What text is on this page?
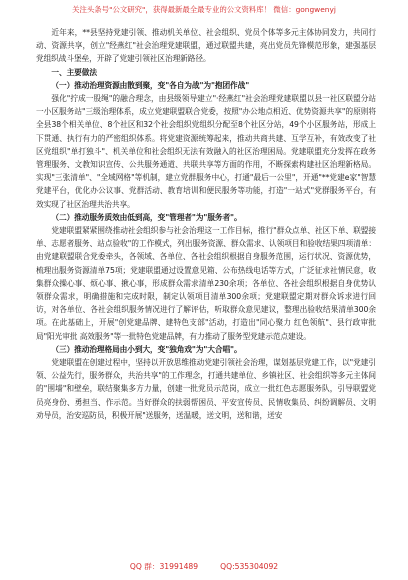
关注头条号"公文研究"，获得最新最全最专业的公文资料库！ 微信：gongwenyj

近年来，**县坚持党建引领、推动机关单位、社会组织、党员个体等多元主体协同发力，共同行动、资源共享，创立"经燕红"社会治理党建联盟，通过联盟共建，亮出党员先锋模范形象，建强基层党组织战斗堡垒，开辟了党建引领社区治理新路径。

一、主要做法

（一）推动治理资源由散到聚，变"各自为战"为"抱团作战"

强化"拧成一股绳"的融合理念，由县级领导建立"·经燕红"社会治理党建联盟以县一社区联盟分站一小区服务站"三级治理体系，成立党建联盟联合党委，按照"办公地点相近、优势资源共享"的原则将全县38个相关单位、8个社区和32个社会组织党组织分配至8个社区分站，49个小区服务站，形成上下贯通、执行有力的严密组织体系。将党建资源统筹起来，推动共商共建、互学互补，有效改变了社区党组织"单打独斗"、机关单位和社会组织无法有效融入的社区治理困局。党建联盟充分发挥在政务管理服务、文教知识宣传、公共服务通道、共联共享等方面的作用，不断探索构建社区治理新格局。实现"三张清单"、"全域网格"等机制，建立党群服务中心，打通"最后一公里"，开通"**党建e家"智慧党建平台，优化办公议事、党群活动、教育培训和便民服务等功能，打造"一站式"党群服务平台，有效实现了社区治理共治共享。

（二）推动服务质效由低到高，变"管理者"为"服务者"。

党建联盟紧紧围绕推动社会组织参与社会治理这一工作目标，推行"群众点单、社区下单、联盟接单、志愿者服务、站点验收"的工作模式，列出服务资源、群众需求、认领项目和验收结果四项清单：由党建联盟联合党委牵头，各领域、各单位、各社会组织根据自身服务范围，运行状况、资源优势，梳理出服务资源清单75项；党建联盟通过设置意见箱、公布热线电话等方式，广泛征求社情民意，收集群众操心事、烦心事、揪心事，形成群众需求清单230余项；各单位、各社会组织根据自身优势认领群众需求，明确措施和完成时限，制定认领项目清单300余项；党建联盟定期对群众诉求进行回访，对各单位、各社会组织服务情况进行了解评估，听取群众意见建议，整理出验收结果清单300余项。在此基础上，开展"创党建品牌、建特色支部"活动，打造出"同心聚力 红色领航"、县行政审批局"阳光审批 高效服务"等一批特色党建品牌，有力推动了服务型党建示范点建设。

（三）推动治理格局由小到大，变"独角戏"为"大合唱"。

党建联盟在创建过程中，坚持以开放思维推动党建引领社会治理，谋划基层党建工作，以"党建引领、公益先行，服务群众，共治共享"的工作理念，打通共建单位、乡镇社区、社会组织等多元主体间的"围墙"和壁垒，联结聚集多方力量，创建一批党员示范岗，成立一批红色志愿服务队，引导联盟党员亮身份、勇担当、作示范。当好群众的扶弱帮困员、平安宣传员、民情收集员、纠纷调解员、文明劝导员，治安巡防员，积极开展"送服务，送温暖，送文明，送和谐，送安

QQ 群：31991489	QQ:535304092
